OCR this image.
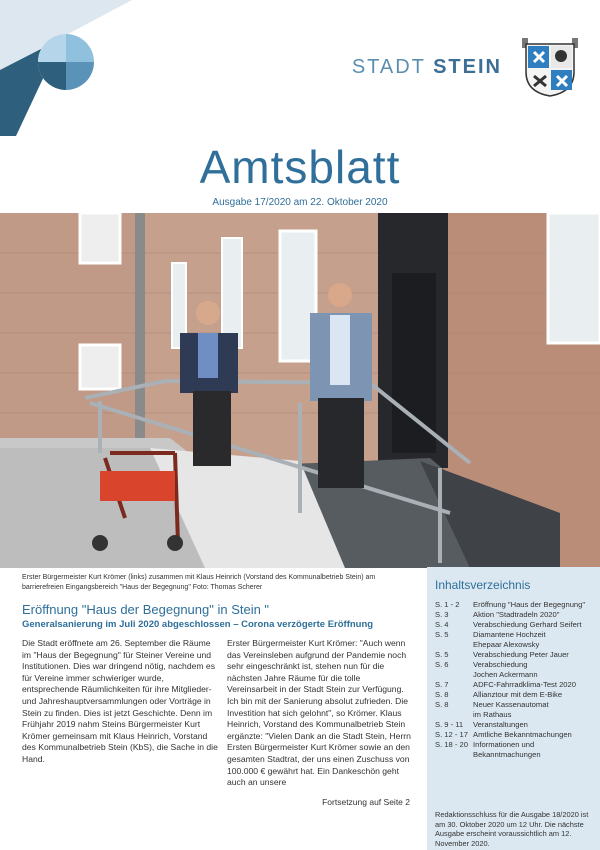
STADT STEIN
Amtsblatt
Ausgabe 17/2020 am 22. Oktober 2020
Erster Bürgermeister Kurt Krömer (links) zusammen mit Klaus Heinrich (Vorstand des Kommunalbetrieb Stein) am barrierefreien Eingangsbereich "Haus der Begegnung" Foto: Thomas Scherer
Eröffnung "Haus der Begegnung" in Stein "
Generalsanierung im Juli 2020 abgeschlossen – Corona verzögerte Eröffnung
Die Stadt eröffnete am 26. September die Räume im "Haus der Begegnung" für Steiner Vereine und Institutionen. Dies war dringend nötig, nachdem es für Vereine immer schwieriger wurde, entsprechende Räumlichkeiten für ihre Mitglieder- und Jahreshauptversammlungen oder Vorträge in Stein zu finden. Dies ist jetzt Geschichte. Denn im Frühjahr 2019 nahm Steins Bürgermeister Kurt Krömer gemeinsam mit Klaus Heinrich, Vorstand des Kommunalbetrieb Stein (KbS), die Sache in die Hand.
Erster Bürgermeister Kurt Krömer: "Auch wenn das Vereinsleben aufgrund der Pandemie noch sehr eingeschränkt ist, stehen nun für die nächsten Jahre Räume für die tolle Vereinsarbeit in der Stadt Stein zur Verfügung. Ich bin mit der Sanierung absolut zufrieden. Die Investition hat sich gelohnt", so Krömer. Klaus Heinrich, Vorstand des Kommunalbetrieb Stein ergänzte: "Vielen Dank an die Stadt Stein, Herrn Ersten Bürgermeister Kurt Krömer sowie an den gesamten Stadtrat, der uns einen Zuschuss von 100.000 € gewährt hat. Ein Dankeschön geht auch an unsere
Fortsetzung auf Seite 2
Inhaltsverzeichnis
S. 1 - 2	Eröffnung "Haus der Begegnung"
S. 3	Aktion "Stadtradeln 2020"
S. 4	Verabschiedung Gerhard Seifert
S. 5	Diamantene Hochzeit
Ehepaar Alexowsky
S. 5	Verabschiedung Peter Jauer
S. 6	Verabschiedung
Jochen Ackermann
S. 7	ADFC-Fahrradklima-Test 2020
S. 8	Allianztour mit dem E-Bike
S. 8	Neuer Kassenautomat
im Rathaus
S. 9 - 11	Veranstaltungen
S. 12 - 17 Amtliche Bekanntmachungen
S. 18 - 20 Informationen und
Bekanntmachungen
Redaktionsschluss für die Ausgabe 18/2020 ist am 30. Oktober 2020 um 12 Uhr. Die nächste Ausgabe erscheint voraussichtlich am 12. November 2020.
